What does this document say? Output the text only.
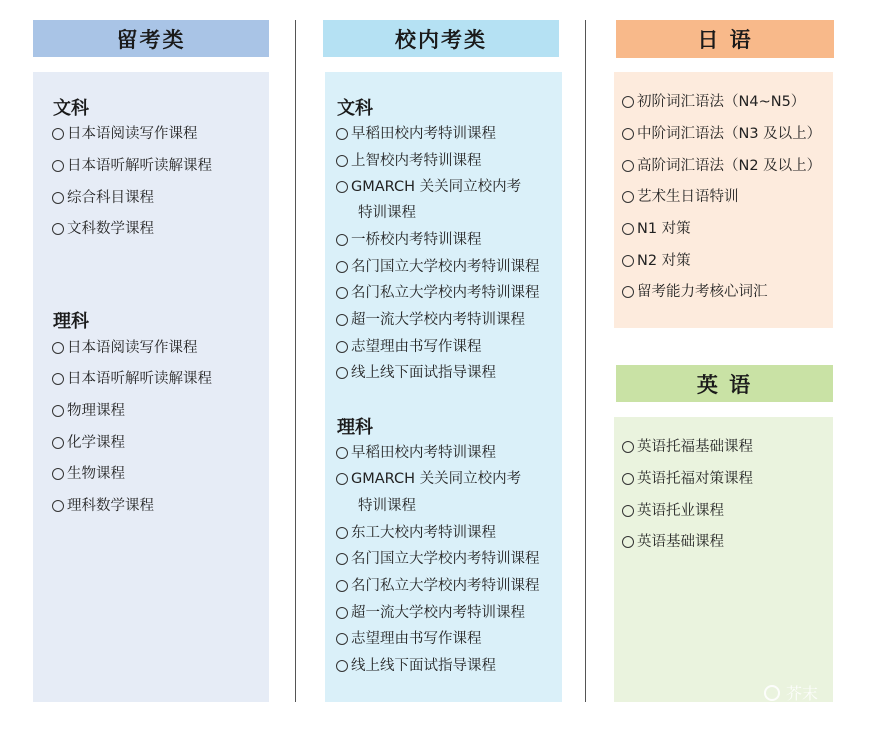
留考类
文科
日本语阅读写作课程
日本语听解听读解课程
综合科目课程
文科数学课程
理科
日本语阅读写作课程
日本语听解听读解课程
物理课程
化学课程
生物课程
理科数学课程
校内考类
文科
早稻田校内考特训课程
上智校内考特训课程
GMARCH 关关同立校内考
特训课程
一桥校内考特训课程
名门国立大学校内考特训课程
名门私立大学校内考特训课程
超一流大学校内考特训课程
志望理由书写作课程
线上线下面试指导课程
理科
早稻田校内考特训课程
GMARCH 关关同立校内考
特训课程
东工大校内考特训课程
名门国立大学校内考特训课程
名门私立大学校内考特训课程
超一流大学校内考特训课程
志望理由书写作课程
线上线下面试指导课程
日 语
初阶词汇语法（N4~N5）
中阶词汇语法（N3 及以上）
高阶词汇语法（N2 及以上）
艺术生日语特训
N1 对策
N2 对策
留考能力考核心词汇
英 语
英语托福基础课程
英语托福对策课程
英语托业课程
英语基础课程
芥末
